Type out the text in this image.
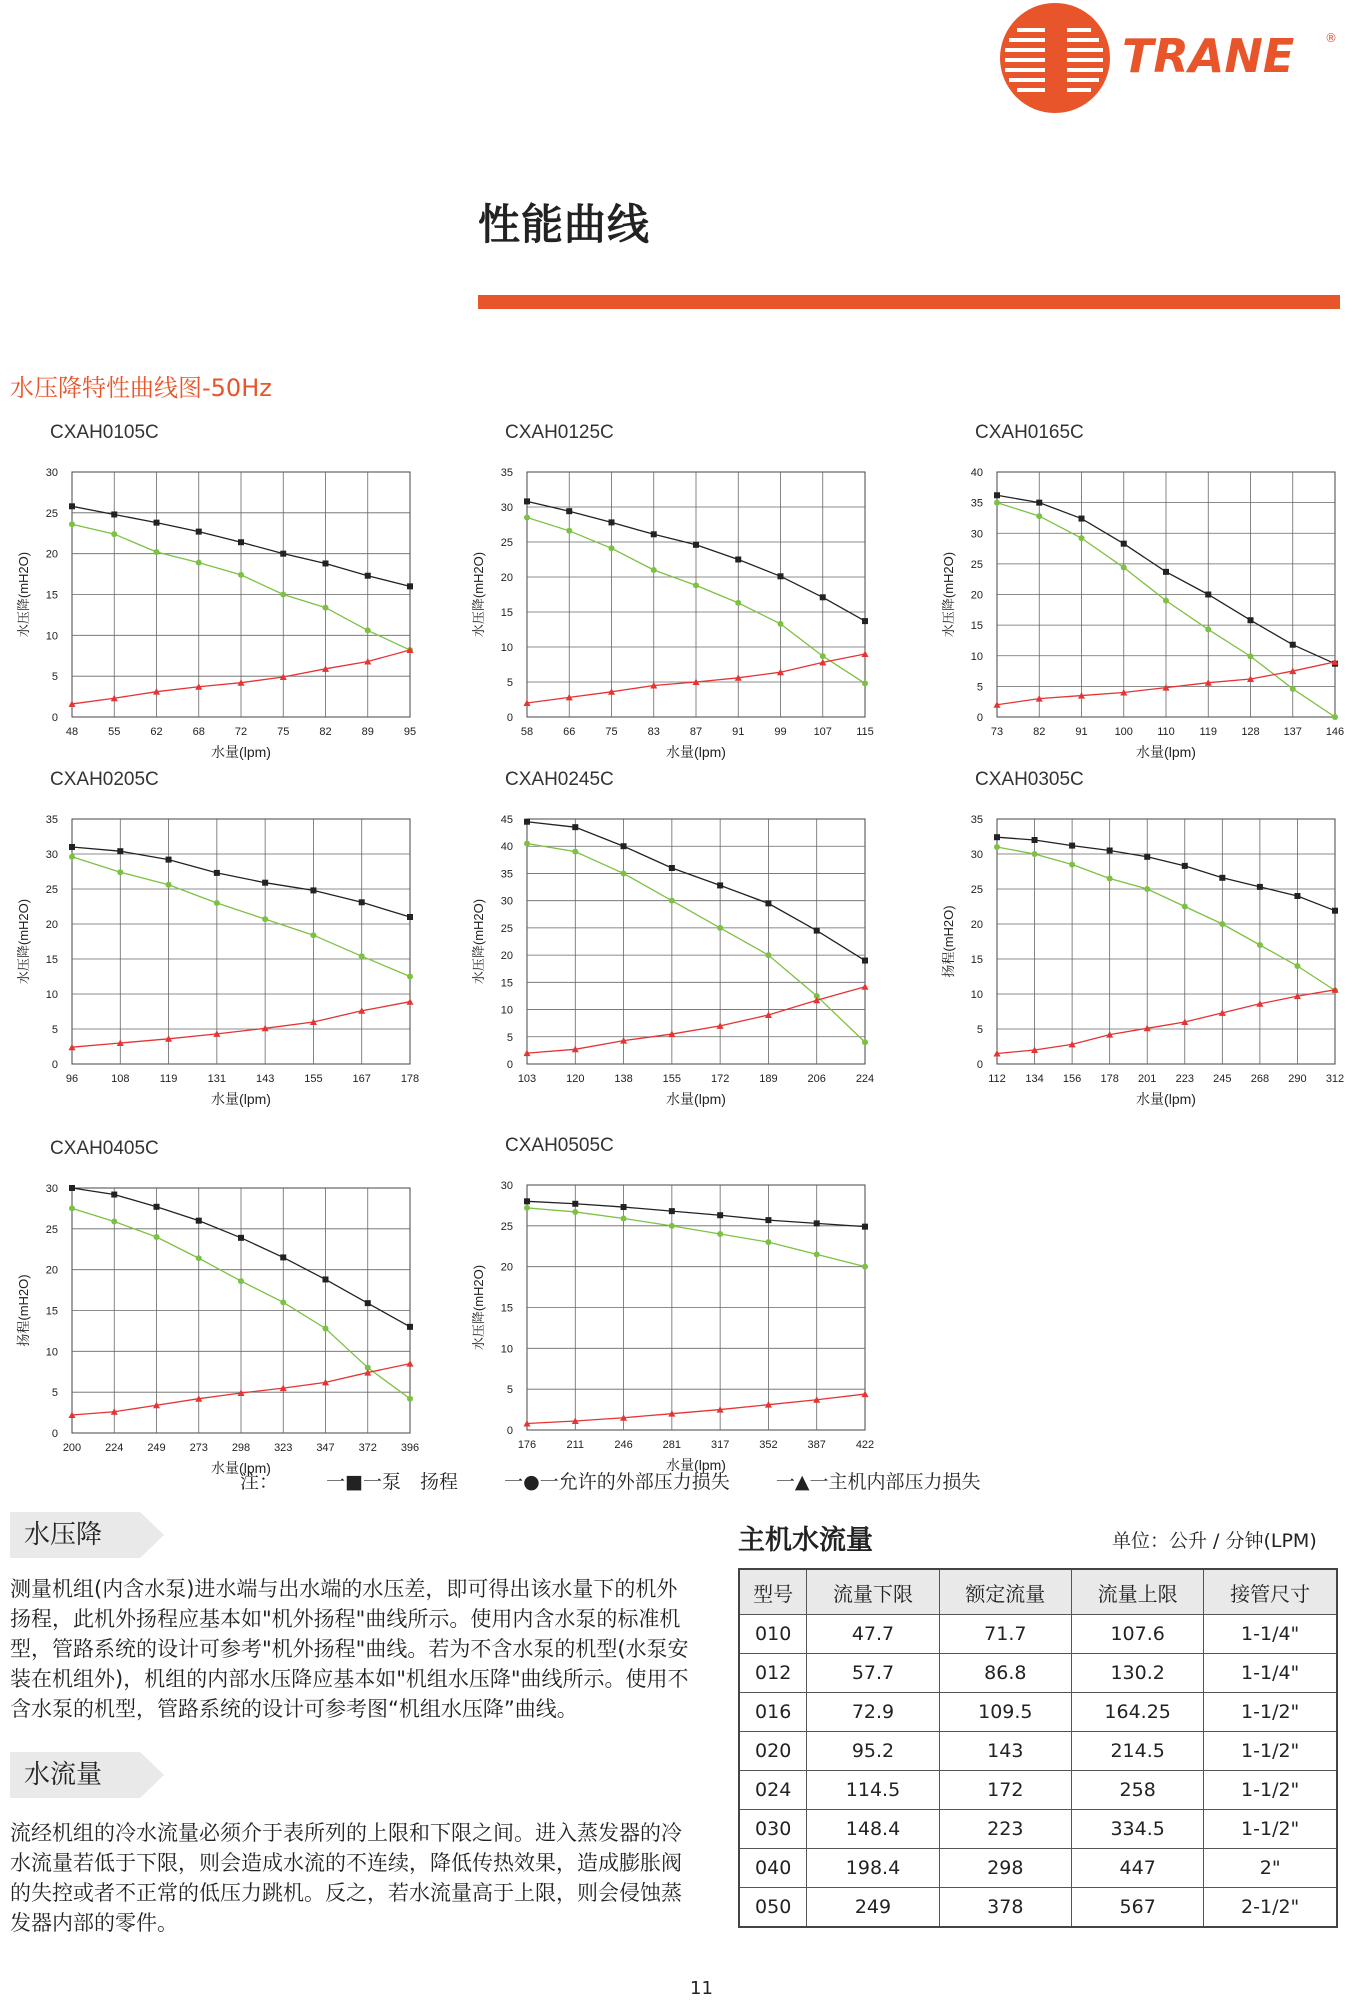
TRANE	®
性能曲线
水压降特性曲线图-50Hz
CXAH0105C
0
5
10
15
20
25
30
48	55	62	68	72	75	82	89	95
水量(lpm)
水压降(mH2O)
CXAH0125C
0
5
10
15
20
25
30
35
58	66	75	83	87	91	99 107 115
水量(lpm)
水压降(mH2O)
CXAH0165C
0
5
10
15
20
25
30
35
40
73	82	91 100 110 119 128 137 146
水量(lpm)
水压降(mH2O)
CXAH0205C
0
5
10
15
20
25
30
35
96	108	119	131	143	155	167	178
水量(lpm)
水压降(mH2O)
CXAH0245C
0
5
10
15
20
25
30
35
40
45
103	120	138	155	172	189	206	224
水量(lpm)
水压降(mH2O)
CXAH0305C
0
5
10
15
20
25
30
35
112 134 156 178 201 223 245 268 290 312
水量(lpm)
扬程(mH2O)
CXAH0405C
0
5
10
15
20
25
30
200 224 249 273 298 323 347 372 396
水量(lpm)
扬程(mH2O)
CXAH0505C
0
5
10
15
20
25
30
176	211	246	281	317	352	387	422
水量(lpm)
水压降(mH2O)
注：	一■一泵　扬程 一●一允许的外部压力损失 一▲一主机内部压力损失
水压降
测量机组(内含水泵)进水端与出水端的水压差，即可得出该水量下的机外扬程，此机外扬程应基本如"机外扬程"曲线所示。使用内含水泵的标准机型，管路系统的设计可参考"机外扬程"曲线。若为不含水泵的机型(水泵安装在机组外)，机组的内部水压降应基本如"机组水压降"曲线所示。使用不含水泵的机型，管路系统的设计可参考图“机组水压降”曲线。
水流量
流经机组的冷水流量必须介于表所列的上限和下限之间。进入蒸发器的冷水流量若低于下限，则会造成水流的不连续，降低传热效果，造成膨胀阀的失控或者不正常的低压力跳机。反之，若水流量高于上限，则会侵蚀蒸发器内部的零件。
主机水流量	单位：公升 / 分钟(LPM)
型号	流量下限	额定流量	流量上限	接管尺寸
010	47.7	71.7	107.6	1-1/4"
012	57.7	86.8	130.2	1-1/4"
016	72.9	109.5	164.25	1-1/2"
020	95.2	143	214.5	1-1/2"
024	114.5	172	258	1-1/2"
030	148.4	223	334.5	1-1/2"
040	198.4	298	447	2"
050	249	378	567	2-1/2"
11
